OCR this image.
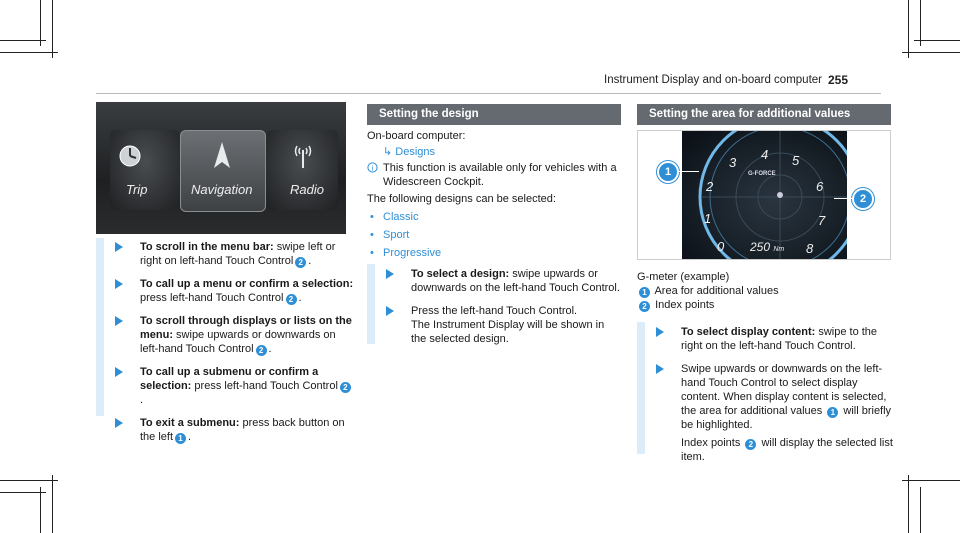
Instrument Display and on-board computer 255
Trip	Navigation	Radio
To scroll in the menu bar: swipe left or right on left-hand Touch Control 2 .
To call up a menu or confirm a selection: press left-hand Touch Control 2 .
To scroll through displays or lists on the menu: swipe upwards or downwards on left-hand Touch Control 2 .
To call up a submenu or confirm a selection: press left-hand Touch Control 2.
To exit a submenu: press back button on the left 1 .
Setting the design

On-board computer:

↳ Designs

i This function is available only for vehicles with a Widescreen Cockpit.

The following designs can be selected:

• Classic
• Sport
• Progressive
To select a design: swipe upwards or downwards on the left-hand Touch Control.
Press the left-hand Touch Control.
The Instrument Display will be shown in the selected design.
Setting the area for additional values
4 5
6
3
2
1
0
7
8
G-FORCE
250 Nm
1
2

G-meter (example)

1 Area for additional values

2 Index points

To select display content: swipe to the right on the left-hand Touch Control.
Swipe upwards or downwards on the left-hand Touch Control to select display content. When display content is selected, the area for additional values 1 will briefly be highlighted.
Index points 2 will display the selected list item.
